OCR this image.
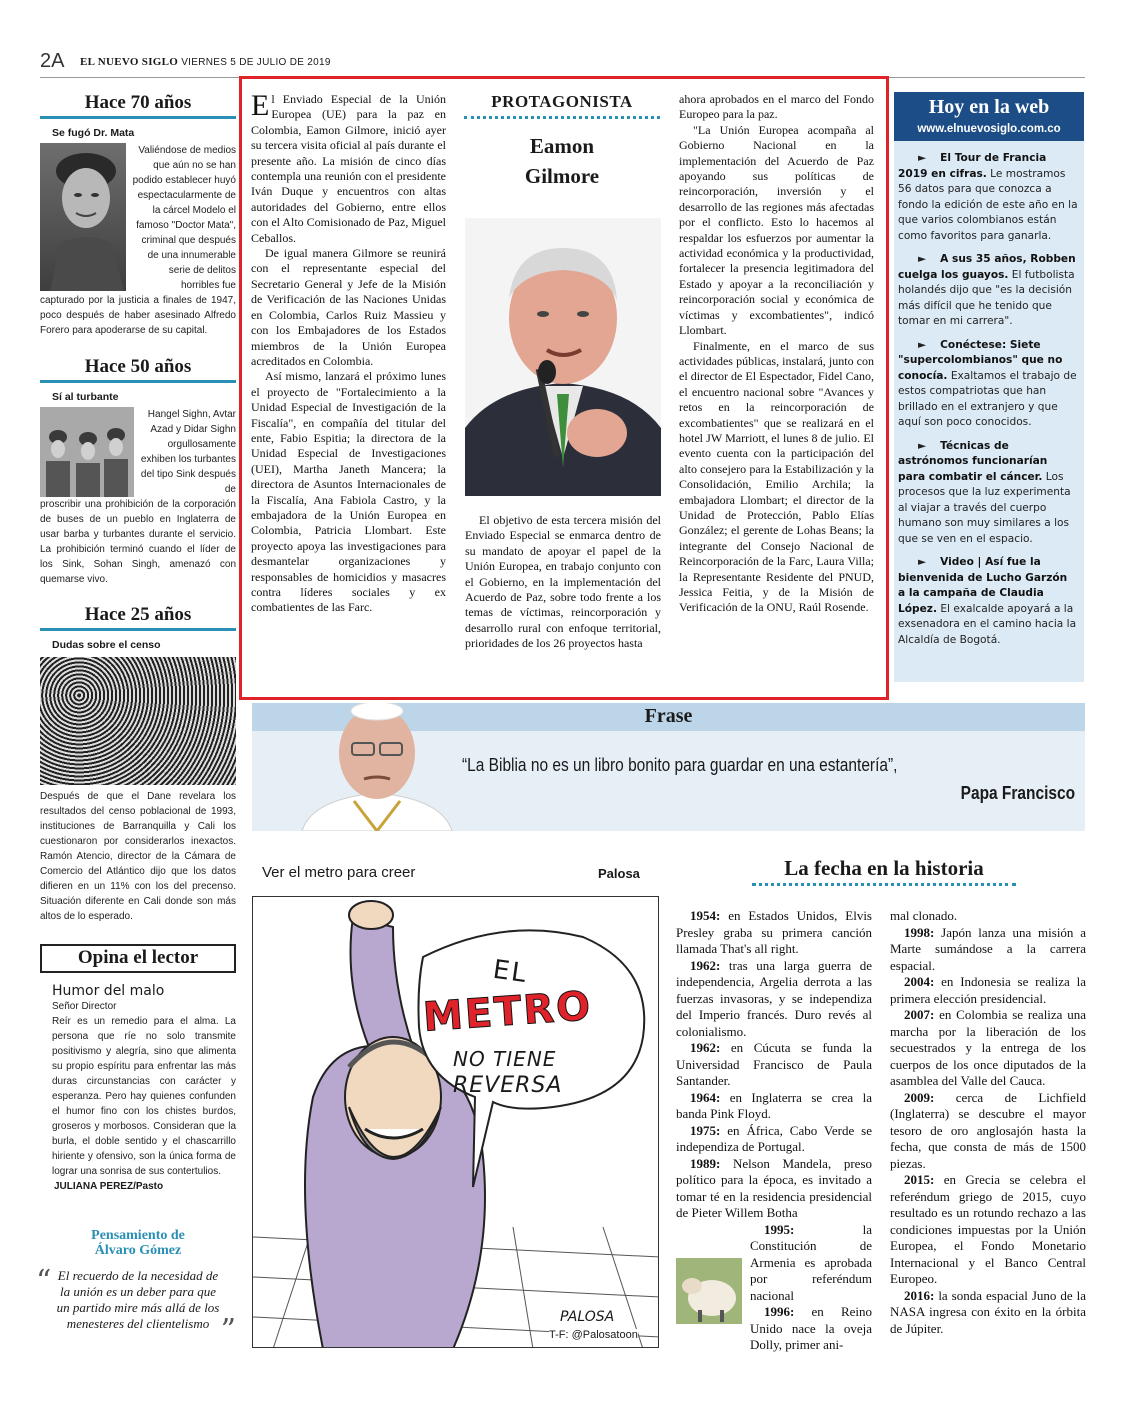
2A EL NUEVO SIGLO VIERNES 5 DE JULIO DE 2019
Hace 70 años
Se fugó Dr. Mata
Valiéndose de medios que aún no se han podido establecer huyó espectacularmente de la cárcel Modelo el famoso "Doctor Mata", criminal que después de una innumerable serie de delitos horribles fue
capturado por la justicia a finales de 1947, poco después de haber asesinado Alfredo Forero para apoderarse de su capital.
Hace 50 años
Sí al turbante
Hangel Sighn, Avtar Azad y Didar Sighn orgullosamente exhiben los turbantes del tipo Sink después de
proscribir una prohibición de la corporación de buses de un pueblo en Inglaterra de usar barba y turbantes durante el servicio. La prohibición terminó cuando el líder de los Sink, Sohan Singh, amenazó con quemarse vivo.
Hace 25 años
Dudas sobre el censo
Después de que el Dane revelara los resultados del censo poblacional de 1993, instituciones de Barranquilla y Cali los cuestionaron por considerarlos inexactos. Ramón Atencio, director de la Cámara de Comercio del Atlántico dijo que los datos difieren en un 11% con los del precenso. Situación diferente en Cali donde son más altos de lo esperado.
Opina el lector
Humor del malo
Señor Director
Reír es un remedio para el alma. La persona que ríe no solo transmite positivismo y alegría, sino que alimenta su propio espíritu para enfrentar las más duras circunstancias con carácter y esperanza. Pero hay quienes confunden el humor fino con los chistes burdos, groseros y morbosos. Consideran que la burla, el doble sentido y el chascarrillo hiriente y ofensivo, son la única forma de lograr una sonrisa de sus contertulios.
JULIANA PEREZ/Pasto
Pensamiento de
Álvaro Gómez
“ El recuerdo de la necesidad de la unión es un deber para que un partido mire más allá de los menesteres del clientelismo ”

El Enviado Especial de la Unión Europea (UE) para la paz en Colombia, Eamon Gilmore, inició ayer su tercera visita oficial al país durante el presente año. La misión de cinco días contempla una reunión con el presidente Iván Duque y encuentros con altas autoridades del Gobierno, entre ellos con el Alto Comisionado de Paz, Miguel Ceballos.

De igual manera Gilmore se reunirá con el representante especial del Secretario General y Jefe de la Misión de Verificación de las Naciones Unidas en Colombia, Carlos Ruiz Massieu y con los Embajadores de los Estados miembros de la Unión Europea acreditados en Colombia.

Así mismo, lanzará el próximo lunes el proyecto de "Fortalecimiento a la Unidad Especial de Investigación de la Fiscalía", en compañía del titular del ente, Fabio Espitia; la directora de la Unidad Especial de Investigaciones (UEI), Martha Janeth Mancera; la directora de Asuntos Internacionales de la Fiscalía, Ana Fabiola Castro, y la embajadora de la Unión Europea en Colombia, Patricia Llombart. Este proyecto apoya las investigaciones para desmantelar organizaciones y responsables de homicidios y masacres contra líderes sociales y ex combatientes de las Farc.

PROTAGONISTA
Eamon
Gilmore

El objetivo de esta tercera misión del Enviado Especial se enmarca dentro de su mandato de apoyar el papel de la Unión Europea, en trabajo conjunto con el Gobierno, en la implementación del Acuerdo de Paz, sobre todo frente a los temas de víctimas, reincorporación y desarrollo rural con enfoque territorial, prioridades de los 26 proyectos hasta

ahora aprobados en el marco del Fondo Europeo para la paz.

"La Unión Europea acompaña al Gobierno Nacional en la implementación del Acuerdo de Paz apoyando sus políticas de reincorporación, inversión y el desarrollo de las regiones más afectadas por el conflicto. Esto lo hacemos al respaldar los esfuerzos por aumentar la actividad económica y la productividad, fortalecer la presencia legitimadora del Estado y apoyar a la reconciliación y reincorporación social y económica de víctimas y excombatientes", indicó Llombart.

Finalmente, en el marco de sus actividades públicas, instalará, junto con el director de El Espectador, Fidel Cano, el encuentro nacional sobre "Avances y retos en la reincorporación de excombatientes" que se realizará en el hotel JW Marriott, el lunes 8 de julio. El evento cuenta con la participación del alto consejero para la Estabilización y la Consolidación, Emilio Archila; la embajadora Llombart; el director de la Unidad de Protección, Pablo Elías González; el gerente de Lohas Beans; la integrante del Consejo Nacional de Reincorporación de la Farc, Laura Villa; la Representante Residente del PNUD, Jessica Feitia, y de la Misión de Verificación de la ONU, Raúl Rosende.

Hoy en la web
www.elnuevosiglo.com.co
► El Tour de Francia 2019 en cifras. Le mostramos 56 datos para que conozca a fondo la edición de este año en la que varios colombianos están como favoritos para ganarla.
► A sus 35 años, Robben cuelga los guayos. El futbolista holandés dijo que "es la decisión más difícil que he tenido que tomar en mi carrera".
► Conéctese: Siete "supercolombianos" que no conocía. Exaltamos el trabajo de estos compatriotas que han brillado en el extranjero y que aquí son poco conocidos.
► Técnicas de astrónomos funcionarían para combatir el cáncer. Los procesos que la luz experimenta al viajar a través del cuerpo humano son muy similares a los que se ven en el espacio.
► Video | Así fue la bienvenida de Lucho Garzón a la campaña de Claudia López. El exalcalde apoyará a la exsenadora en el camino hacia la Alcaldía de Bogotá.
Frase
“La Biblia no es un libro bonito para guardar en una estantería”,
Papa Francisco
Ver el metro para creer	Palosa
EL
METRO
NO TIENE
REVERSA
PALOSA
T-F: @Palosatoon
La fecha en la historia
1954: en Estados Unidos, Elvis Presley graba su primera canción llamada That's all right.
1962: tras una larga guerra de independencia, Argelia derrota a las fuerzas invasoras, y se independiza del Imperio francés. Duro revés al colonialismo.
1962: en Cúcuta se funda la Universidad Francisco de Paula Santander.
1964: en Inglaterra se crea la banda Pink Floyd.
1975: en África, Cabo Verde se independiza de Portugal.
1989: Nelson Mandela, preso político para la época, es invitado a tomar té en la residencia presidencial de Pieter Willem Botha
1995: la Constitución de Armenia es aprobada por referéndum nacional
1996: en Reino Unido nace la oveja Dolly, primer ani-
mal clonado.
1998: Japón lanza una misión a Marte sumándose a la carrera espacial.
2004: en Indonesia se realiza la primera elección presidencial.
2007: en Colombia se realiza una marcha por la liberación de los secuestrados y la entrega de los cuerpos de los once diputados de la asamblea del Valle del Cauca.
2009: cerca de Lichfield (Inglaterra) se descubre el mayor tesoro de oro anglosajón hasta la fecha, que consta de más de 1500 piezas.
2015: en Grecia se celebra el referéndum griego de 2015, cuyo resultado es un rotundo rechazo a las condiciones impuestas por la Unión Europea, el Fondo Monetario Internacional y el Banco Central Europeo.
2016: la sonda espacial Juno de la NASA ingresa con éxito en la órbita de Júpiter.
